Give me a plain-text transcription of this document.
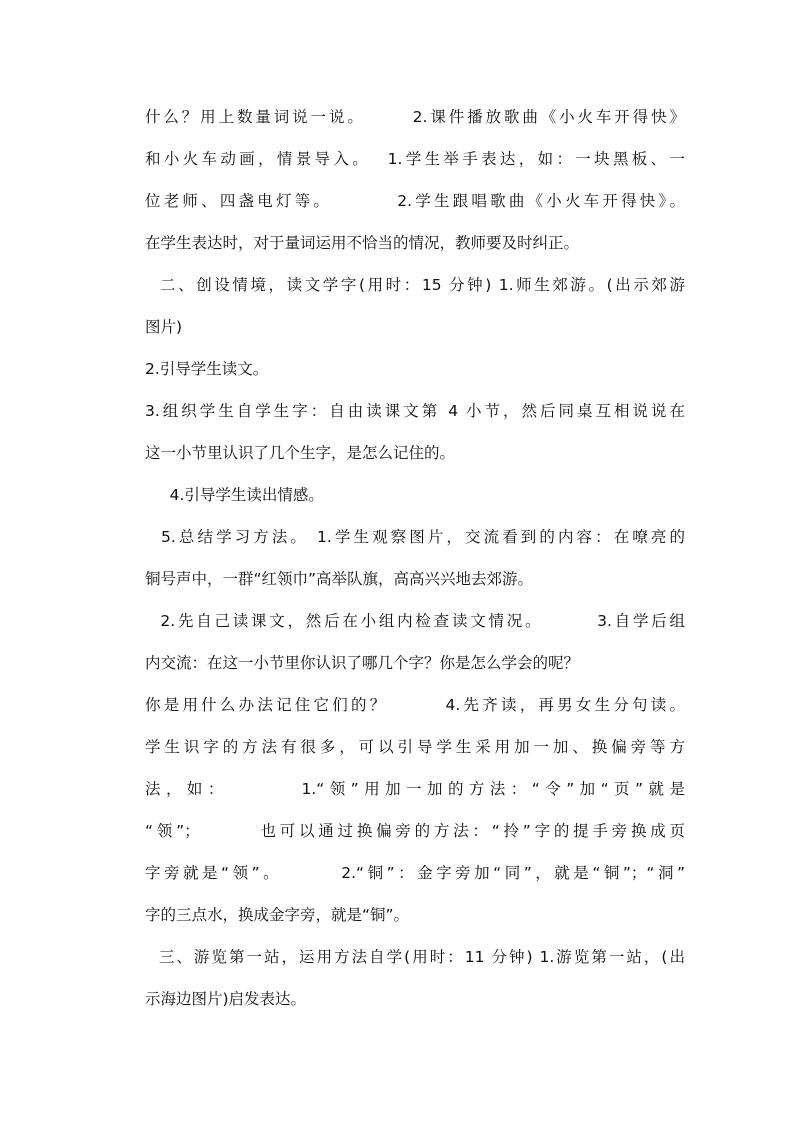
什么？用上数量词说一说。      2.课件播放歌曲《小火车开得快》
和小火车动画，情景导入。  1.学生举手表达，如：一块黑板、一
位老师、四盏电灯等。        2.学生跟唱歌曲《小火车开得快》。
在学生表达时，对于量词运用不恰当的情况，教师要及时纠正。
二、创设情境，读文学字(用时：15 分钟) 1.师生郊游。(出示郊游
图片)
2.引导学生读文。
3.组织学生自学生字：自由读课文第 4 小节，然后同桌互相说说在
这一小节里认识了几个生字，是怎么记住的。
4.引导学生读出情感。
5.总结学习方法。 1.学生观察图片，交流看到的内容：在嘹亮的
铜号声中，一群“红领巾”高举队旗，高高兴兴地去郊游。
2.先自己读课文，然后在小组内检查读文情况。       3.自学后组
内交流：在这一小节里你认识了哪几个字？你是怎么学会的呢？
你是用什么办法记住它们的？       4.先齐读，再男女生分句读。
学生识字的方法有很多，可以引导学生采用加一加、换偏旁等方
法，如：       1.“领”用加一加的方法：“令”加“页”就是
“领”；       也可以通过换偏旁的方法：“拎”字的提手旁换成页
字旁就是“领”。       2.“铜”：金字旁加“同”，就是“铜”；“洞”
字的三点水，换成金字旁，就是“铜”。
三、游览第一站，运用方法自学(用时：11 分钟) 1.游览第一站，(出
示海边图片)启发表达。
